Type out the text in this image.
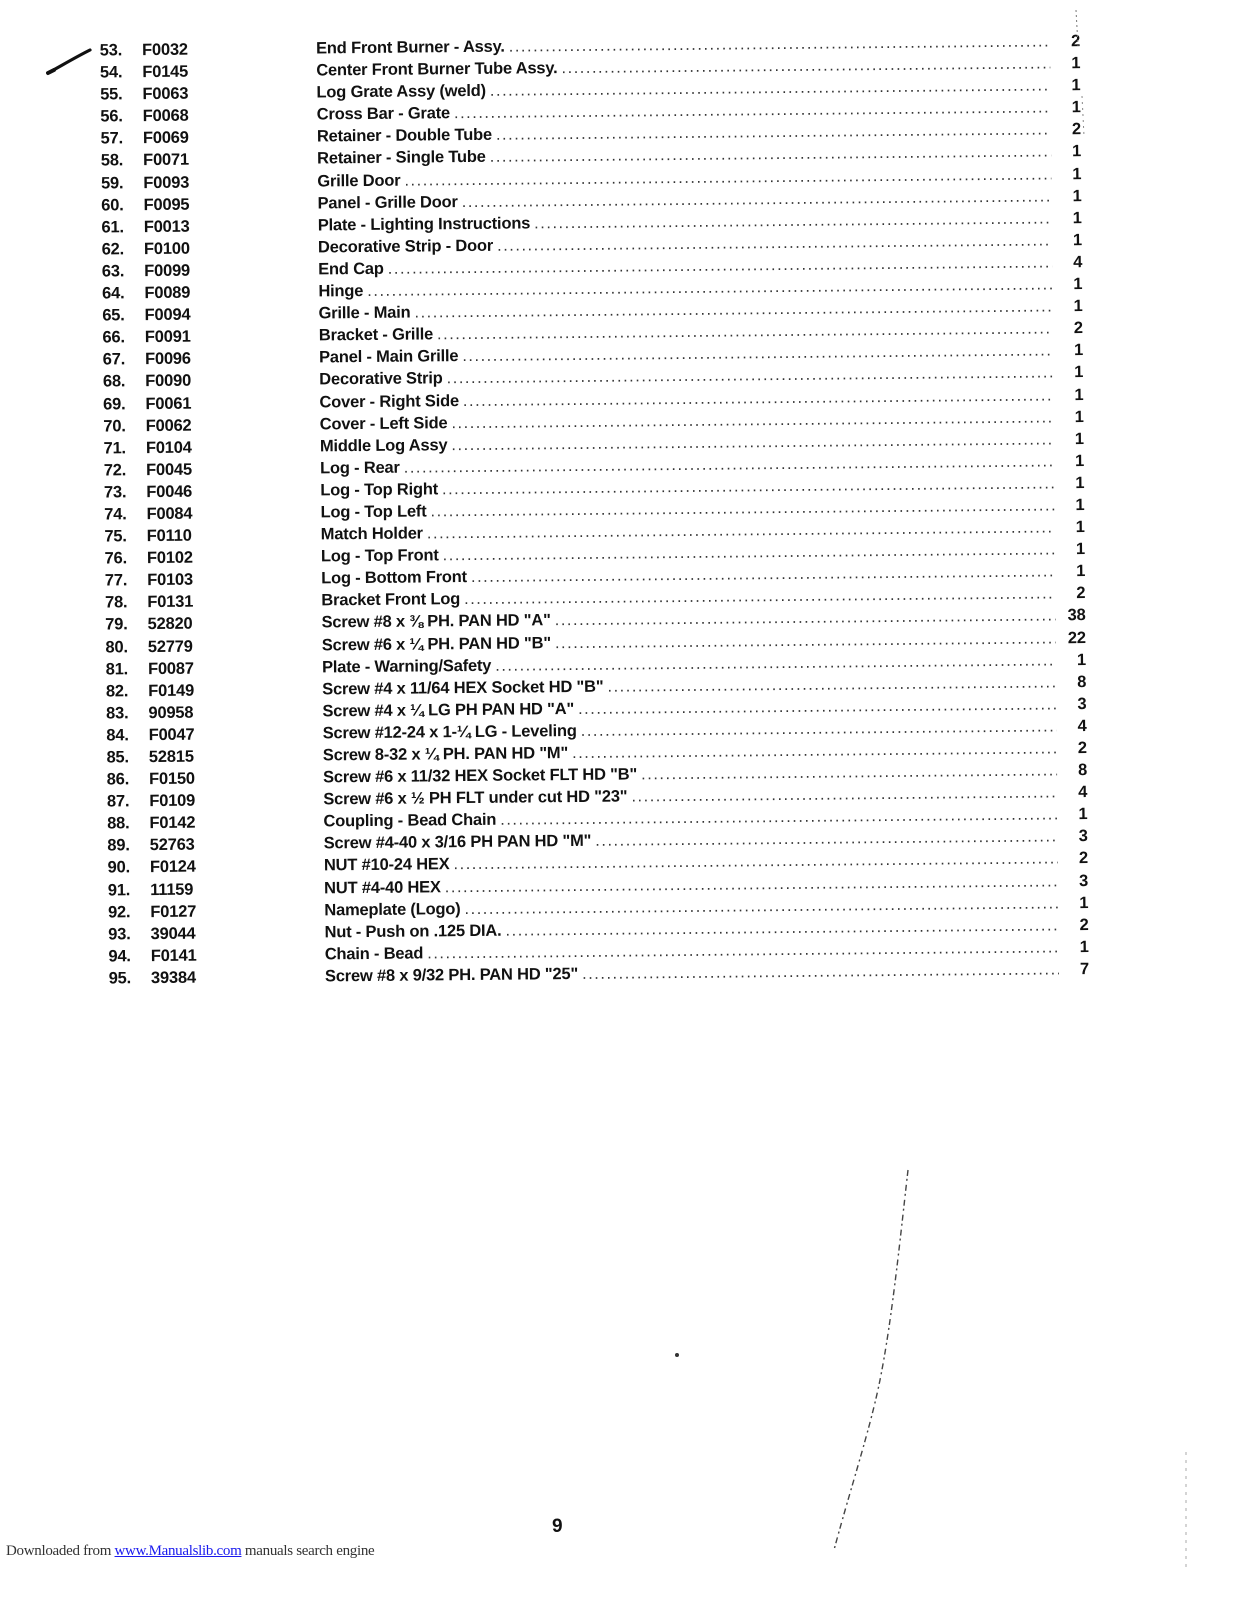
53.	F0032	End Front Burner - Assy. .....	2
54.	F0145	Center Front Burner Tube Assy. .....	1
55.	F0063	Log Grate Assy (weld) .....	1
56.	F0068	Cross Bar - Grate .....	1
57.	F0069	Retainer - Double Tube .....	2
58.	F0071	Retainer - Single Tube .....	1
59.	F0093	Grille Door .....	1
60.	F0095	Panel - Grille Door .....	1
61.	F0013	Plate - Lighting Instructions .....	1
62.	F0100	Decorative Strip - Door .....	1
63.	F0099	End Cap .....	4
64.	F0089	Hinge .....	1
65.	F0094	Grille - Main .....	1
66.	F0091	Bracket - Grille .....	2
67.	F0096	Panel - Main Grille .....	1
68.	F0090	Decorative Strip .....	1
69.	F0061	Cover - Right Side .....	1
70.	F0062	Cover - Left Side .....	1
71.	F0104	Middle Log Assy .....	1
72.	F0045	Log - Rear .....	1
73.	F0046	Log - Top Right .....	1
74.	F0084	Log - Top Left .....	1
75.	F0110	Match Holder .....	1
76.	F0102	Log - Top Front .....	1
77.	F0103	Log - Bottom Front .....	1
78.	F0131	Bracket Front Log .....	2
79.	52820	Screw #8 x ⅜ PH. PAN HD "A" .....	38
80.	52779	Screw #6 x ¼ PH. PAN HD "B" .....	22
81.	F0087	Plate - Warning/Safety .....	1
82.	F0149	Screw #4 x 11/64 HEX Socket HD "B" .....	8
83.	90958	Screw #4 x ¼ LG PH PAN HD "A" .....	3
84.	F0047	Screw #12-24 x 1-¼ LG - Leveling .....	4
85.	52815	Screw 8-32 x ¼ PH. PAN HD "M" .....	2
86.	F0150	Screw #6 x 11/32 HEX Socket FLT HD "B" .....	8
87.	F0109	Screw #6 x ½ PH FLT under cut HD "23" .....	4
88.	F0142	Coupling - Bead Chain .....	1
89.	52763	Screw #4-40 x 3/16 PH PAN HD "M" .....	3
90.	F0124	NUT #10-24 HEX .....	2
91.	11159	NUT #4-40 HEX .....	3
92.	F0127	Nameplate (Logo) .....	1
93.	39044	Nut - Push on .125 DIA. .....	2
94.	F0141	Chain - Bead .....	1
95.	39384	Screw #8 x 9/32 PH. PAN HD "25" .....	7
9
Downloaded from www.Manualslib.com manuals search engine
